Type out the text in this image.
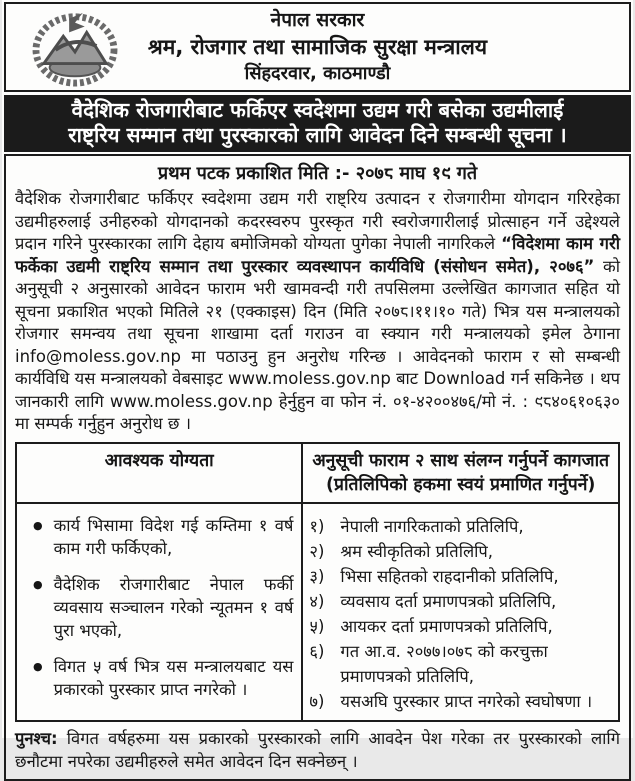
नेपाल सरकार
श्रम, रोजगार तथा सामाजिक सुरक्षा मन्त्रालय
सिंहदरवार, काठमाण्डौ
वैदेशिक रोजगारीबाट फर्किएर स्वदेशमा उद्यम गरी बसेका उद्यमीलाई
राष्ट्रिय सम्मान तथा पुरस्कारको लागि आवेदन दिने सम्बन्धी सूचना ।
प्रथम पटक प्रकाशित मिति :- २०७८ माघ १९ गते
वैदेशिक रोजगारीबाट फर्किएर स्वदेशमा उद्यम गरी राष्ट्रिय उत्पादन र रोजगारीमा योगदान गरिरहेका उद्यमीहरुलाई उनीहरुको योगदानको कदरस्वरुप पुरस्कृत गरी स्वरोजगारीलाई प्रोत्साहन गर्ने उद्देश्यले प्रदान गरिने पुरस्कारका लागि देहाय बमोजिमको योग्यता पुगेका नेपाली नागरिकले “विदेशमा काम गरी फर्केका उद्यमी राष्ट्रिय सम्मान तथा पुरस्कार व्यवस्थापन कार्यविधि (संसोधन समेत), २०७६” को अनुसूची २ अनुसारको आवेदन फाराम भरी खामवन्दी गरी तपसिलमा उल्लेखित कागजात सहित यो सूचना प्रकाशित भएको मितिले २१ (एक्काइस) दिन (मिति २०७८।११।१० गते) भित्र यस मन्त्रालयको रोजगार समन्वय तथा सूचना शाखामा दर्ता गराउन वा स्क्यान गरी मन्त्रालयको इमेल ठेगाना info@moless.gov.np मा पठाउनु हुन अनुरोध गरिन्छ । आवेदनको फाराम र सो सम्बन्धी कार्यविधि यस मन्त्रालयको वेबसाइट www.moless.gov.np बाट Download गर्न सकिनेछ । थप जानकारी लागि www.moless.gov.np हेर्नुहुन वा फोन नं. ०१-४२००४७६/मो नं. : ९८४०६१०६३० मा सम्पर्क गर्नुहुन अनुरोध छ ।
आवश्यक योग्यता	अनुसूची फाराम २ साथ संलग्न गर्नुपर्ने कागजात
(प्रतिलिपिको हकमा स्वयं प्रमाणित गर्नुपर्ने)

● कार्य भिसामा विदेश गई कम्तिमा १ वर्ष काम गरी फर्किएको,
● वैदेशिक रोजगारीबाट नेपाल फर्की व्यवसाय सञ्चालन गरेको न्यूतमन १ वर्ष पुरा भएको,
● विगत ५ वर्ष भित्र यस मन्त्रालयबाट यस प्रकारको पुरस्कार प्राप्त नगरेको ।

१) नेपाली नागरिकताको प्रतिलिपि,
२) श्रम स्वीकृतिको प्रतिलिपि,
३) भिसा सहितको राहदानीको प्रतिलिपि,
४) व्यवसाय दर्ता प्रमाणपत्रको प्रतिलिपि,
५) आयकर दर्ता प्रमाणपत्रको प्रतिलिपि,
६) गत आ.व. २०७७।०७८ को करचुक्ता प्रमाणपत्रको प्रतिलिपि,
७) यसअघि पुरस्कार प्राप्त नगरेको स्वघोषणा ।
पुनश्च: विगत वर्षहरुमा यस प्रकारको पुरस्कारको लागि आवदेन पेश गरेका तर पुरस्कारको लागि छनौटमा नपरेका उद्यमीहरुले समेत आवेदन दिन सक्नेछन् ।
